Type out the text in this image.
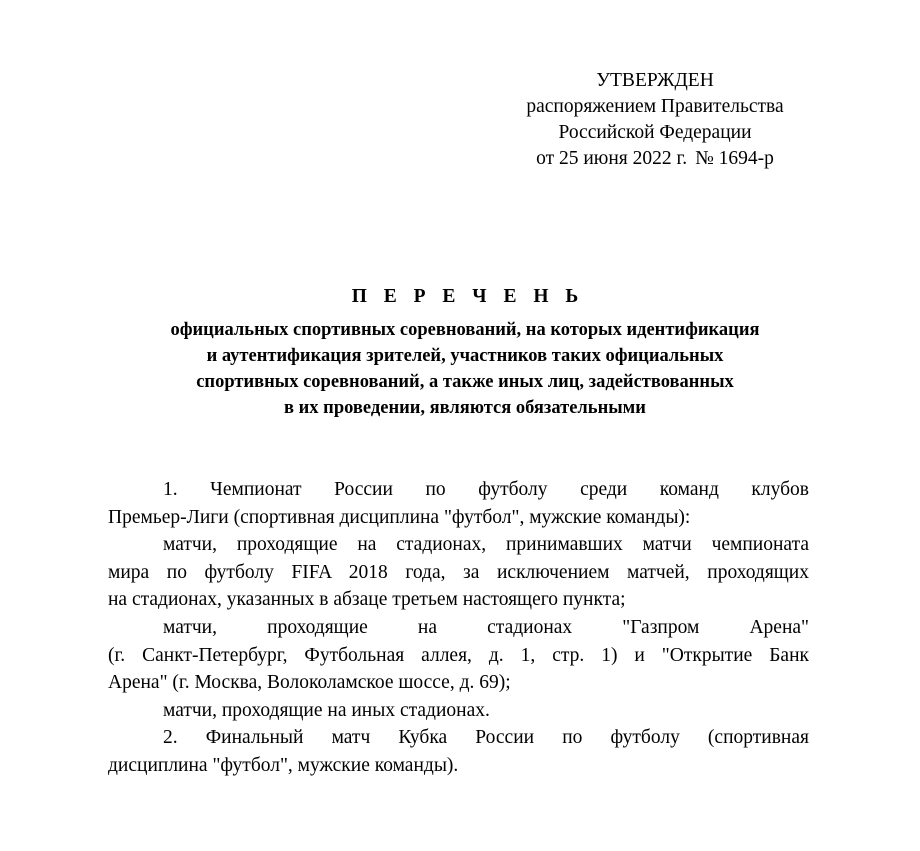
УТВЕРЖДЕН
распоряжением Правительства
Российской Федерации
от 25 июня 2022 г. № 1694-р
П Е Р Е Ч Е Н Ь
официальных спортивных соревнований, на которых идентификация
и аутентификация зрителей, участников таких официальных
спортивных соревнований, а также иных лиц, задействованных
в их проведении, являются обязательными
1. Чемпионат России по футболу среди команд клубов
Премьер-Лиги (спортивная дисциплина "футбол", мужские команды):
матчи, проходящие на стадионах, принимавших матчи чемпионата
мира по футболу FIFA 2018 года, за исключением матчей, проходящих
на стадионах, указанных в абзаце третьем настоящего пункта;
матчи, проходящие на стадионах "Газпром Арена"
(г. Санкт-Петербург, Футбольная аллея, д. 1, стр. 1) и "Открытие Банк
Арена" (г. Москва, Волоколамское шоссе, д. 69);
матчи, проходящие на иных стадионах.
2. Финальный матч Кубка России по футболу (спортивная
дисциплина "футбол", мужские команды).
